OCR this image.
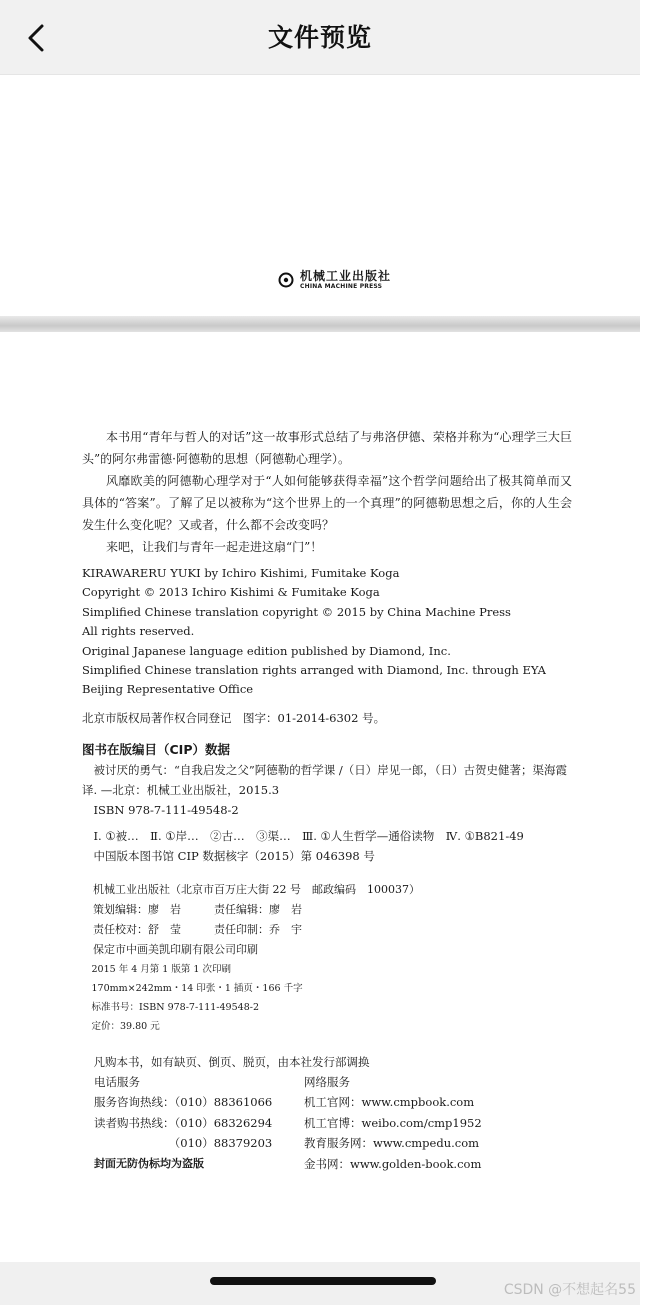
文件预览
机械工业出版社
CHINA MACHINE PRESS

本书用“青年与哲人的对话”这一故事形式总结了与弗洛伊德、荣格并称为“心理学三大巨头”的阿尔弗雷德·阿德勒的思想（阿德勒心理学）。

风靡欧美的阿德勒心理学对于“人如何能够获得幸福”这个哲学问题给出了极其简单而又具体的“答案”。了解了足以被称为“这个世界上的一个真理”的阿德勒思想之后，你的人生会发生什么变化呢？又或者，什么都不会改变吗？

来吧，让我们与青年一起走进这扇“门”！

KIRAWARERU YUKI by Ichiro Kishimi, Fumitake Koga
Copyright © 2013 Ichiro Kishimi & Fumitake Koga
Simplified Chinese translation copyright © 2015 by China Machine Press
All rights reserved.
Original Japanese language edition published by Diamond, Inc.
Simplified Chinese translation rights arranged with Diamond, Inc. through EYA
Beijing Representative Office
北京市版权局著作权合同登记　图字：01-2014-6302 号。
图书在版编目（CIP）数据
被讨厌的勇气：“自我启发之父”阿德勒的哲学课 /（日）岸见一郎，（日）古贺史健著；渠海霞译. —北京：机械工业出版社，2015.3
ISBN 978-7-111-49548-2
Ⅰ. ①被…　Ⅱ. ①岸…　②古…　③渠…　Ⅲ. ①人生哲学—通俗读物　Ⅳ. ①B821-49
中国版本图书馆 CIP 数据核字（2015）第 046398 号
机械工业出版社（北京市百万庄大街 22 号　邮政编码　100037）
策划编辑：廖　岩　　　责任编辑：廖　岩
责任校对：舒　莹　　　责任印制：乔　宇
保定市中画美凯印刷有限公司印刷
2015 年 4 月第 1 版第 1 次印刷
170mm×242mm・14 印张・1 插页・166 千字
标准书号：ISBN 978-7-111-49548-2
定价：39.80 元
凡购本书，如有缺页、倒页、脱页，由本社发行部调换
电话服务
服务咨询热线：（010）88361066
读者购书热线：（010）68326294
　　　　　　　（010）88379203
封面无防伪标均为盗版
网络服务
机工官网：www.cmpbook.com
机工官博：weibo.com/cmp1952
教育服务网：www.cmpedu.com
金书网：www.golden-book.com
CSDN @不想起名55
